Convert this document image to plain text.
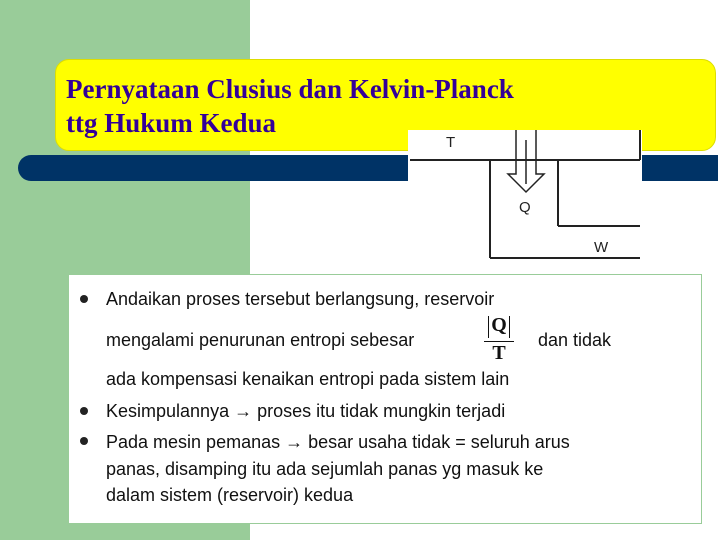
Pernyataan Clusius dan Kelvin-Planck
ttg Hukum Kedua
T
Q
W
Andaikan proses tersebut berlangsung, reservoir
mengalami penurunan entropi sebesar	dan tidak
ada kompensasi kenaikan entropi pada sistem lain
Q
T
Kesimpulannya → proses itu tidak mungkin terjadi
Pada mesin pemanas → besar usaha tidak = seluruh arus
panas, disamping itu ada sejumlah panas yg masuk ke
dalam sistem (reservoir) kedua
